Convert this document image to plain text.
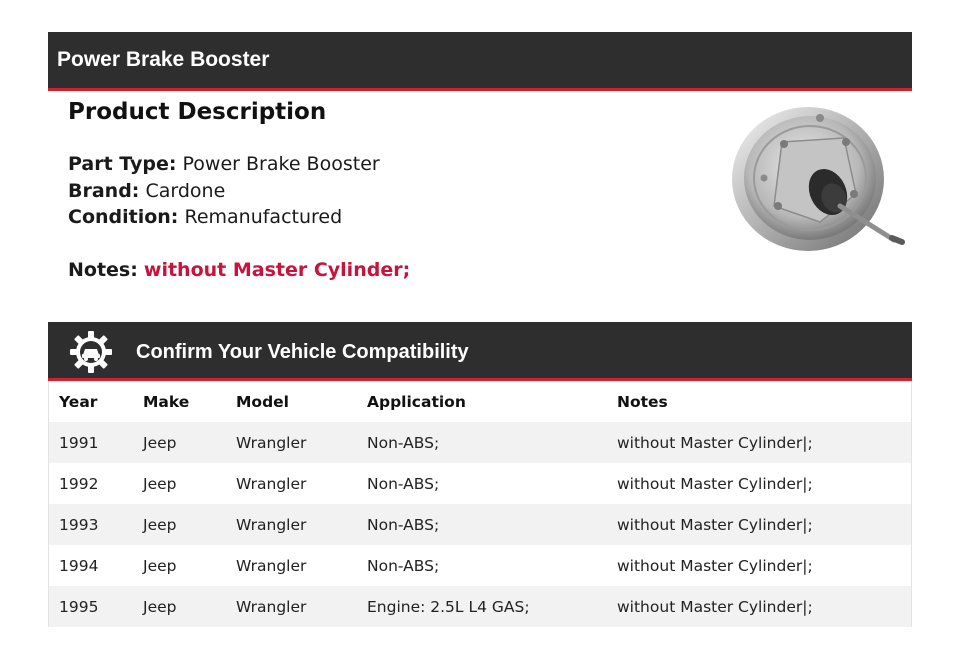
Power Brake Booster
Product Description
Part Type: Power Brake Booster
Brand: Cardone
Condition: Remanufactured
Notes: without Master Cylinder;
Confirm Your Vehicle Compatibility
Year	Make	Model	Application	Notes
1991	Jeep	Wrangler	Non-ABS;	without Master Cylinder|;
1992	Jeep	Wrangler	Non-ABS;	without Master Cylinder|;
1993	Jeep	Wrangler	Non-ABS;	without Master Cylinder|;
1994	Jeep	Wrangler	Non-ABS;	without Master Cylinder|;
1995	Jeep	Wrangler	Engine: 2.5L L4 GAS;	without Master Cylinder|;
